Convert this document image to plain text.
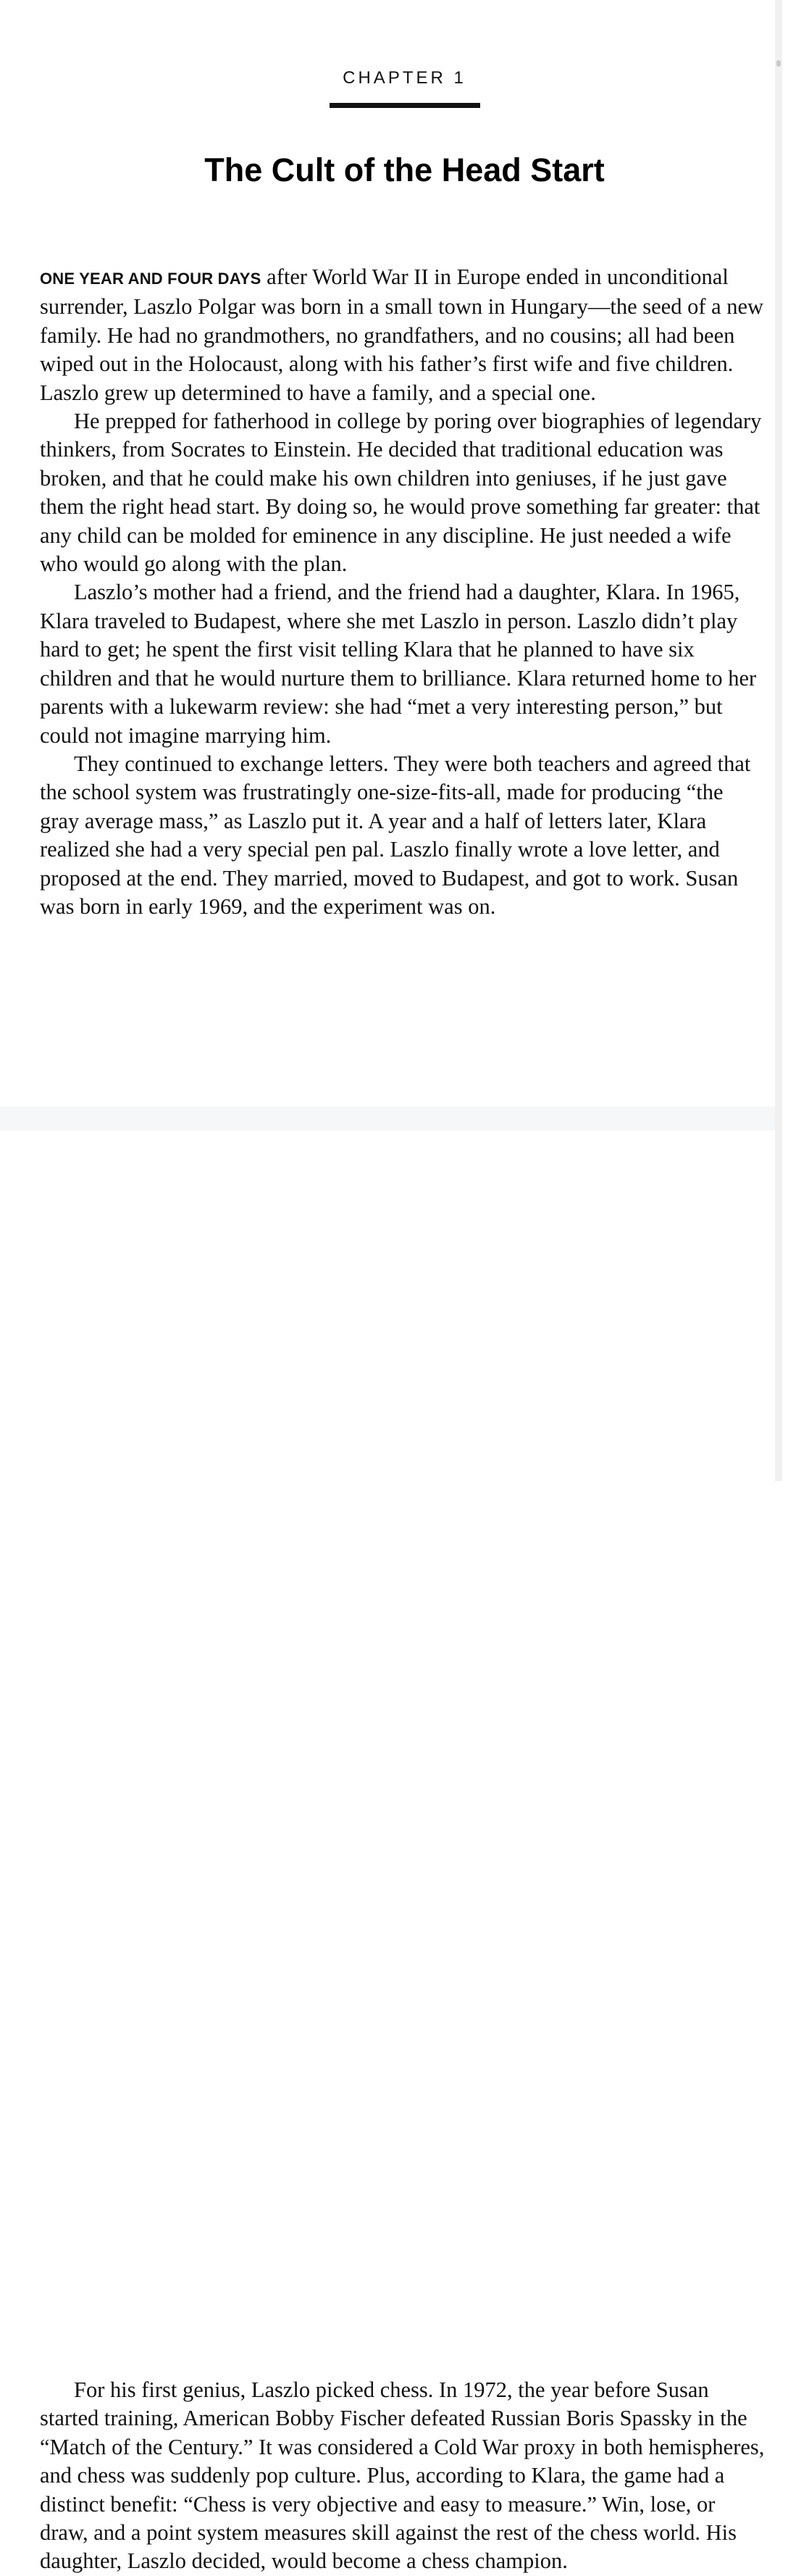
CHAPTER 1
The Cult of the Head Start

ONE YEAR AND FOUR DAYS after World War II in Europe ended in unconditional surrender, Laszlo Polgar was born in a small town in Hungary—the seed of a new family. He had no grandmothers, no grandfathers, and no cousins; all had been wiped out in the Holocaust, along with his father’s first wife and five children. Laszlo grew up determined to have a family, and a special one.

He prepped for fatherhood in college by poring over biographies of legendary thinkers, from Socrates to Einstein. He decided that traditional education was broken, and that he could make his own children into geniuses, if he just gave them the right head start. By doing so, he would prove something far greater: that any child can be molded for eminence in any discipline. He just needed a wife who would go along with the plan.

Laszlo’s mother had a friend, and the friend had a daughter, Klara. In 1965, Klara traveled to Budapest, where she met Laszlo in person. Laszlo didn’t play hard to get; he spent the first visit telling Klara that he planned to have six children and that he would nurture them to brilliance. Klara returned home to her parents with a lukewarm review: she had “met a very interesting person,” but could not imagine marrying him.

They continued to exchange letters. They were both teachers and agreed that the school system was frustratingly one-size-fits-all, made for producing “the gray average mass,” as Laszlo put it. A year and a half of letters later, Klara realized she had a very special pen pal. Laszlo finally wrote a love letter, and proposed at the end. They married, moved to Budapest, and got to work. Susan was born in early 1969, and the experiment was on.

For his first genius, Laszlo picked chess. In 1972, the year before Susan started training, American Bobby Fischer defeated Russian Boris Spassky in the “Match of the Century.” It was considered a Cold War proxy in both hemispheres, and chess was suddenly pop culture. Plus, according to Klara, the game had a distinct benefit: “Chess is very objective and easy to measure.” Win, lose, or draw, and a point system measures skill against the rest of the chess world. His daughter, Laszlo decided, would become a chess champion.
